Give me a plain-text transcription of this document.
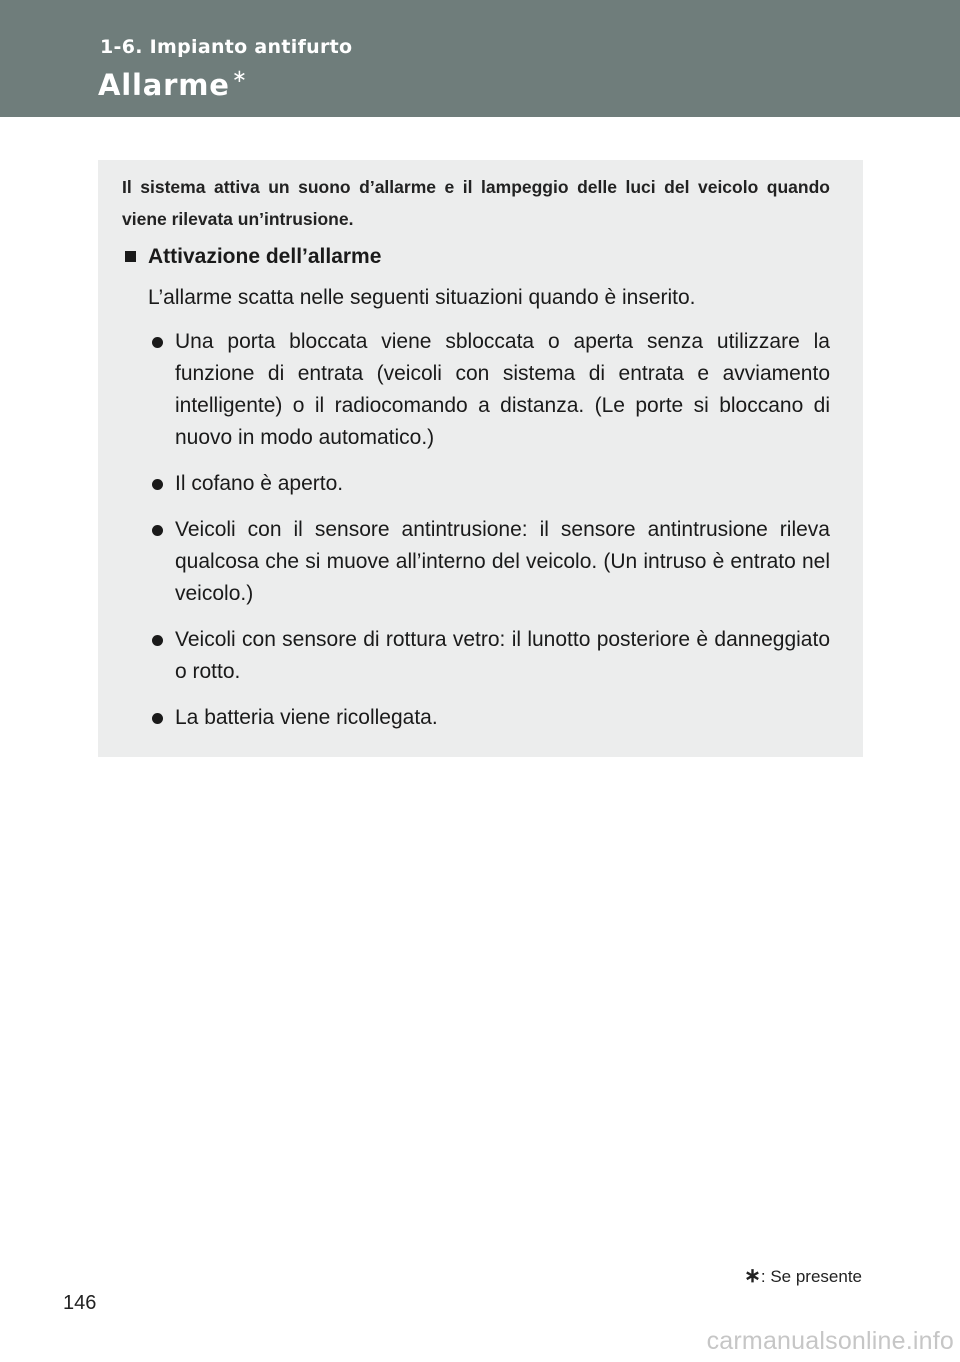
1-6. Impianto antifurto
Allarme ∗
Il sistema attiva un suono d’allarme e il lampeggio delle luci del veicolo quando viene rilevata un’intrusione.
Attivazione dell’allarme
L’allarme scatta nelle seguenti situazioni quando è inserito.
Una porta bloccata viene sbloccata o aperta senza utilizzare la funzione di entrata (veicoli con sistema di entrata e avviamento intelligente) o il radiocomando a distanza. (Le porte si bloccano di nuovo in modo automatico.)
Il cofano è aperto.
Veicoli con il sensore antintrusione: il sensore antintrusione rileva qualcosa che si muove all’interno del veicolo. (Un intruso è entrato nel veicolo.)
Veicoli con sensore di rottura vetro: il lunotto posteriore è danneggiato o rotto.
La batteria viene ricollegata.
∗: Se presente
146
carmanualsonline.info
